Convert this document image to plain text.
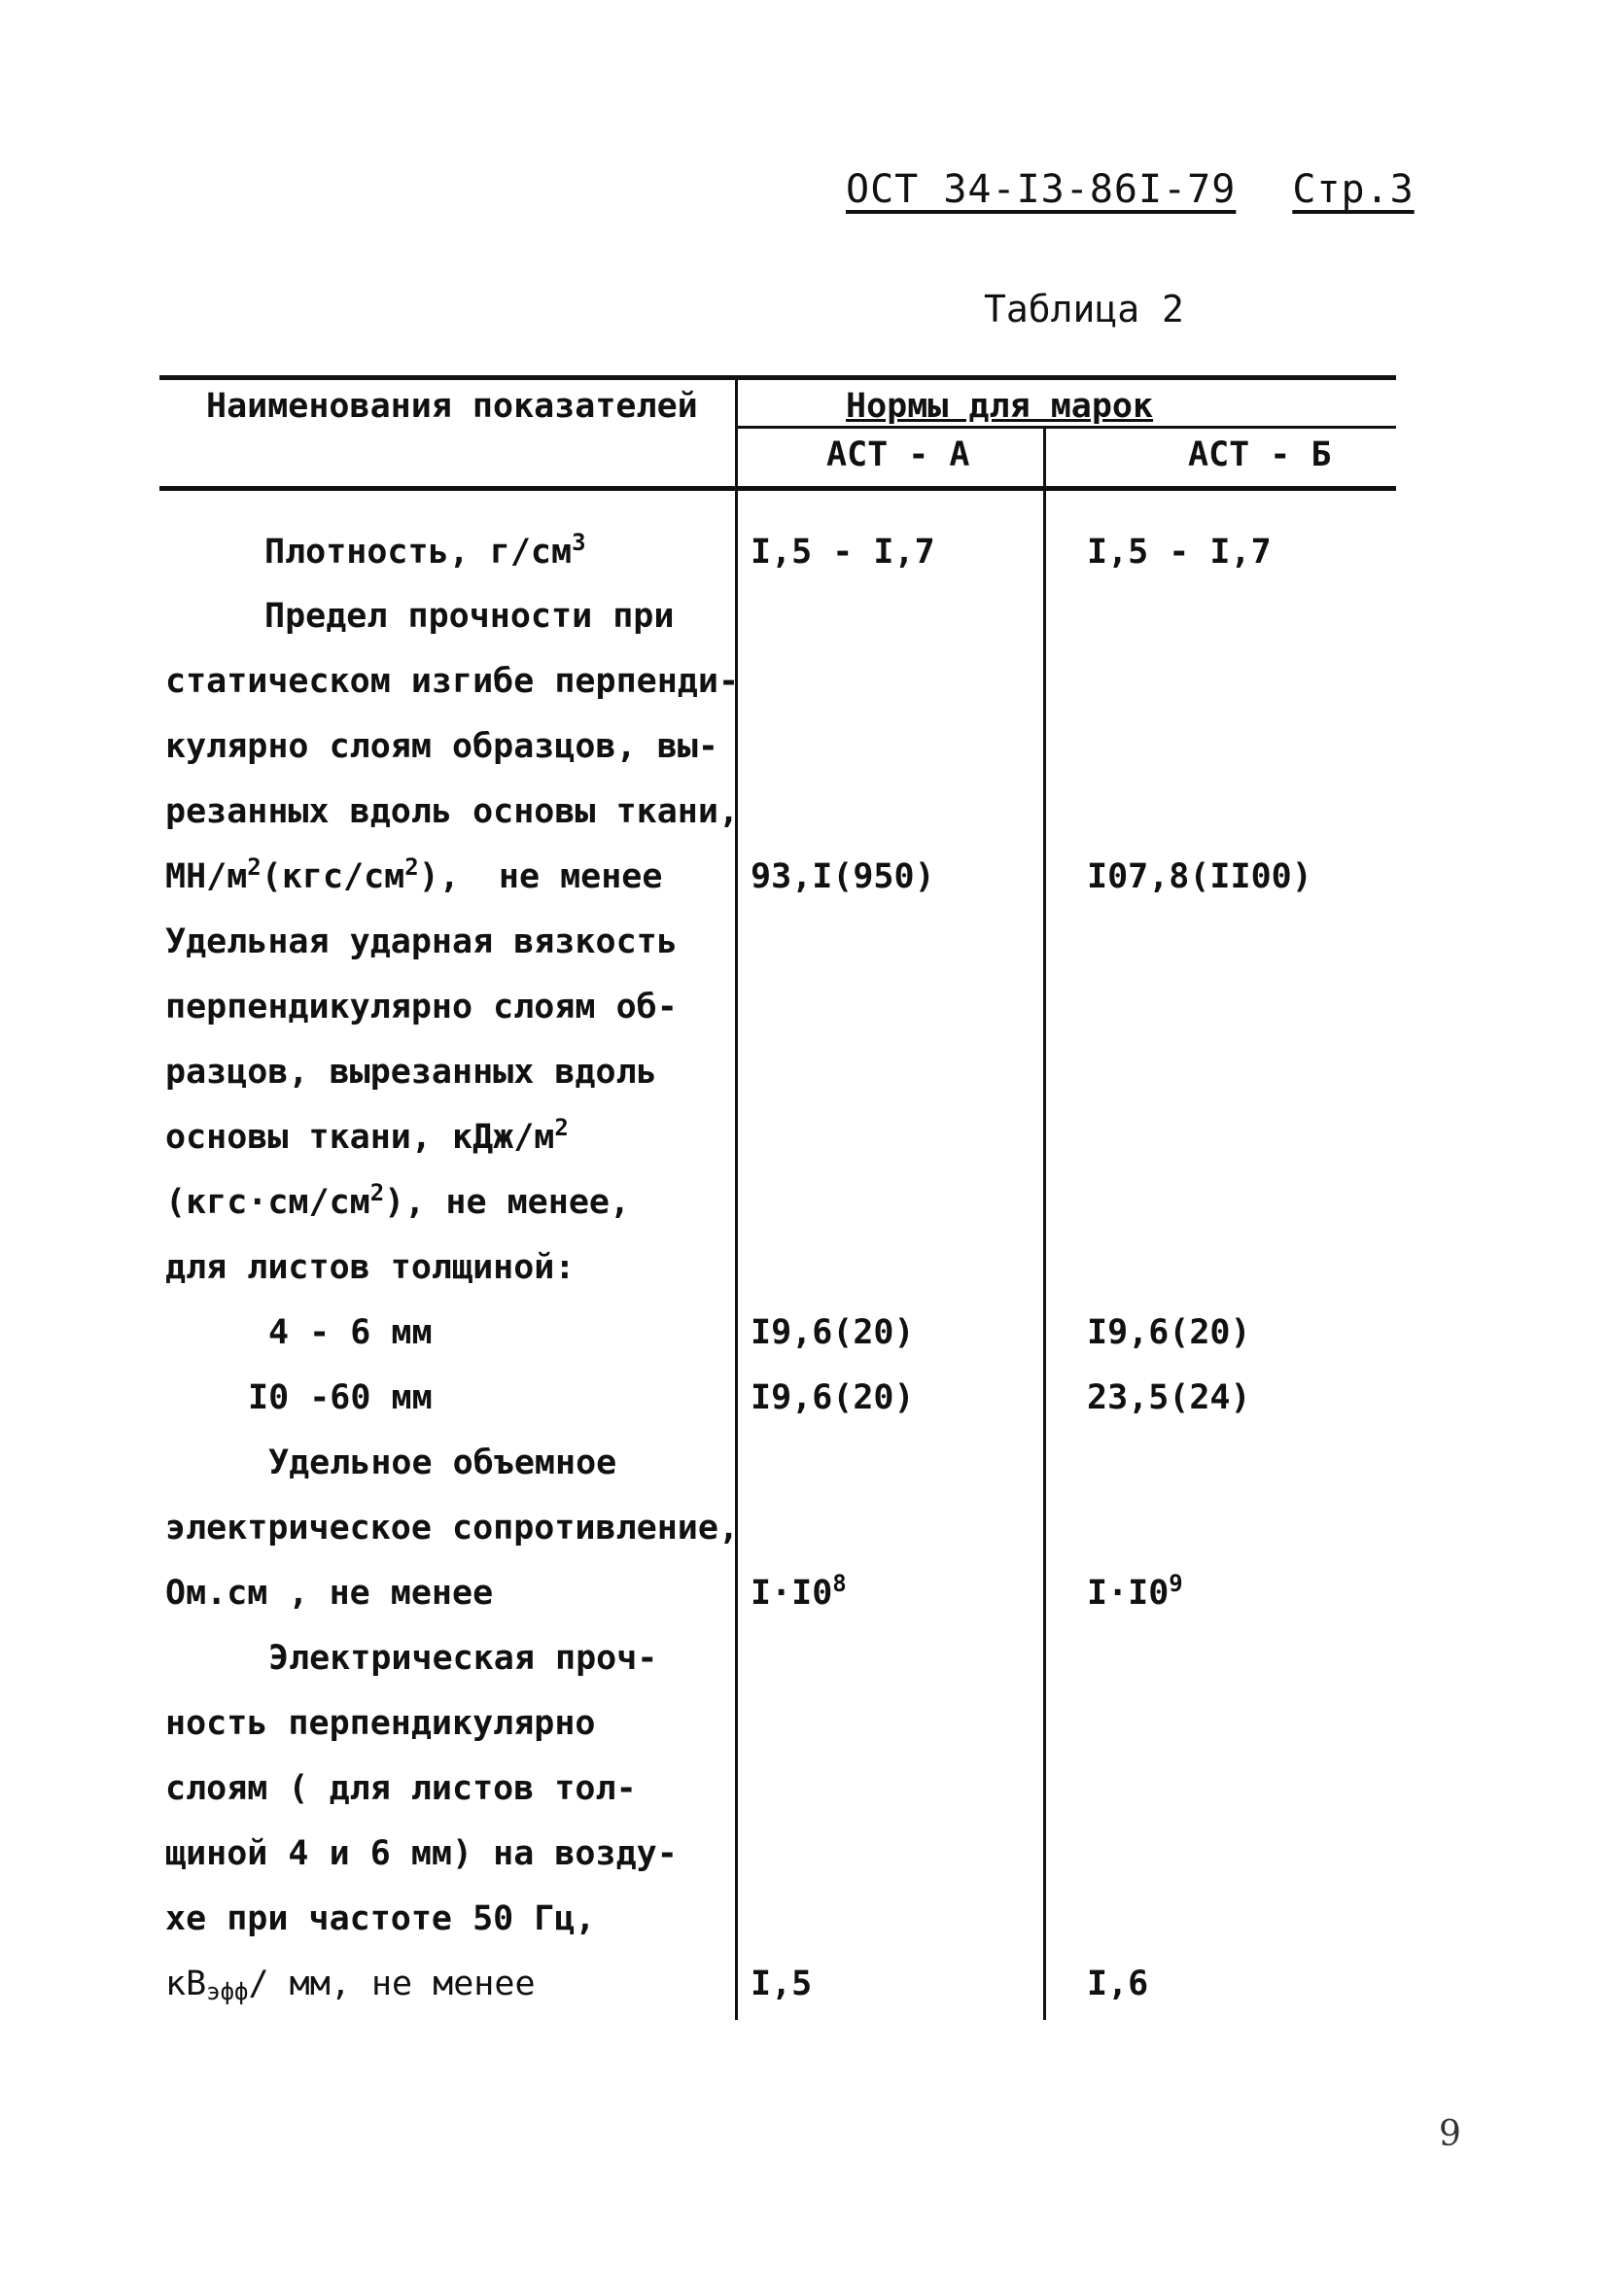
ОСТ 34-I3-86I-79 Стр.3
Таблица 2
Наименования показателей	Нормы для марок
АСТ - А	АСТ - Б
Плотность, $г/см^3$	I,5 - I,7	I,5 - I,7
Предел прочности при
статическом изгибе перпенди-
кулярно слоям образцов, вы-
резанных вдоль основы ткани,
$МН/м^2(кгс/см^2)$, не менее	93,I(950)	I07,8(II00)
Удельная ударная вязкость
перпендикулярно слоям об-
разцов, вырезанных вдоль
основы ткани, кДж/$м^2$
$(кгс\cdot см/см^2)$, не менее,
для листов толщиной:
4 - 6 мм	I9,6(20)	I9,6(20)
I0 -60 мм	I9,6(20)	23,5(24)
Удельное объемное
электрическое сопротивление,
Ом.см , не менее	$I\cdot I0^8$	$I\cdot I0^9$
Электрическая проч-
ность перпендикулярно
слоям ( для листов тол-
щиной 4 и 6 мм) на возду-
хе при частоте 50 Гц,
$кВ_{эфф}/$ мм, не менее	I,5	I,6
9
